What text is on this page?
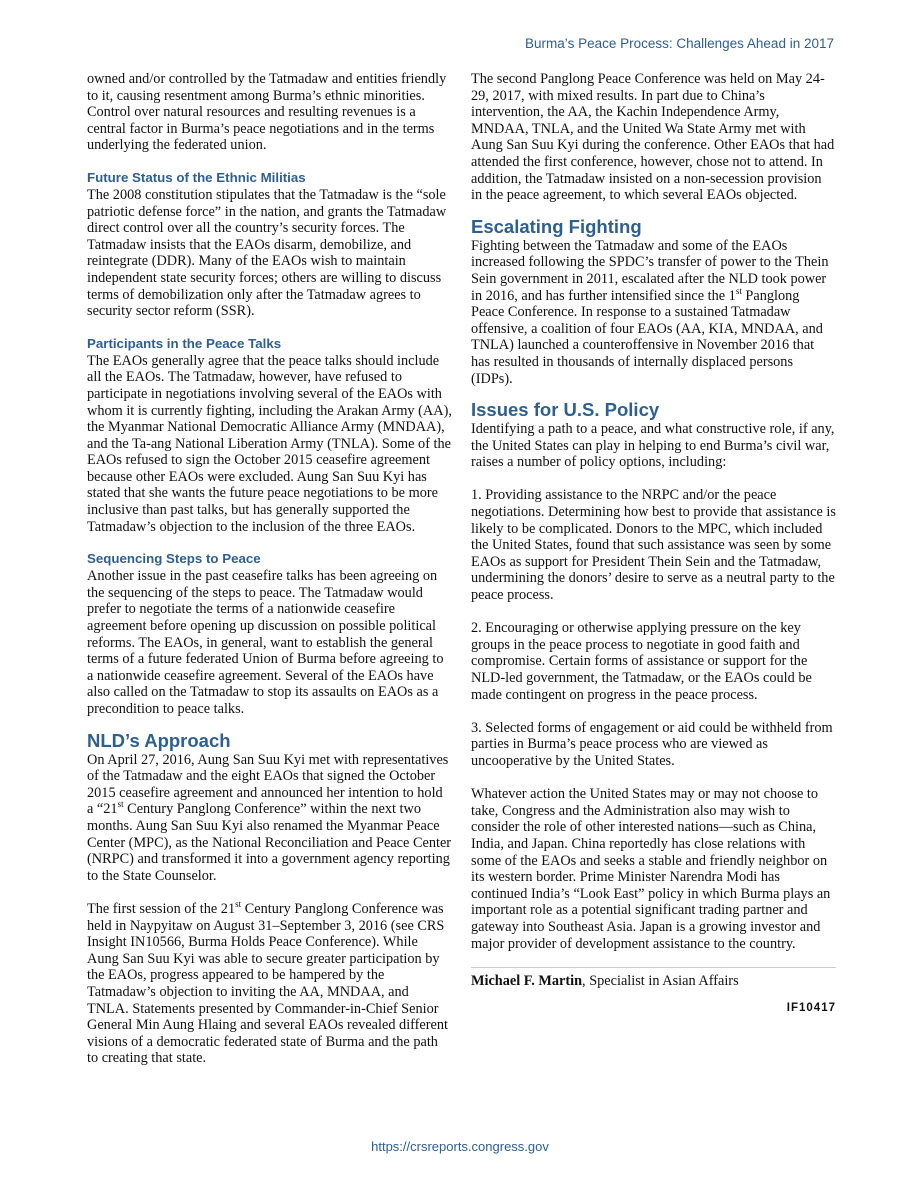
Burma’s Peace Process: Challenges Ahead in 2017

owned and/or controlled by the Tatmadaw and entities friendly to it, causing resentment among Burma’s ethnic minorities. Control over natural resources and resulting revenues is a central factor in Burma’s peace negotiations and in the terms underlying the federated union.

Future Status of the Ethnic Militias

The 2008 constitution stipulates that the Tatmadaw is the “sole patriotic defense force” in the nation, and grants the Tatmadaw direct control over all the country’s security forces. The Tatmadaw insists that the EAOs disarm, demobilize, and reintegrate (DDR). Many of the EAOs wish to maintain independent state security forces; others are willing to discuss terms of demobilization only after the Tatmadaw agrees to security sector reform (SSR).

Participants in the Peace Talks

The EAOs generally agree that the peace talks should include all the EAOs. The Tatmadaw, however, have refused to participate in negotiations involving several of the EAOs with whom it is currently fighting, including the Arakan Army (AA), the Myanmar National Democratic Alliance Army (MNDAA), and the Ta-ang National Liberation Army (TNLA). Some of the EAOs refused to sign the October 2015 ceasefire agreement because other EAOs were excluded. Aung San Suu Kyi has stated that she wants the future peace negotiations to be more inclusive than past talks, but has generally supported the Tatmadaw’s objection to the inclusion of the three EAOs.

Sequencing Steps to Peace

Another issue in the past ceasefire talks has been agreeing on the sequencing of the steps to peace. The Tatmadaw would prefer to negotiate the terms of a nationwide ceasefire agreement before opening up discussion on possible political reforms. The EAOs, in general, want to establish the general terms of a future federated Union of Burma before agreeing to a nationwide ceasefire agreement. Several of the EAOs have also called on the Tatmadaw to stop its assaults on EAOs as a precondition to peace talks.

NLD’s Approach

On April 27, 2016, Aung San Suu Kyi met with representatives of the Tatmadaw and the eight EAOs that signed the October 2015 ceasefire agreement and announced her intention to hold a “21st Century Panglong Conference” within the next two months. Aung San Suu Kyi also renamed the Myanmar Peace Center (MPC), as the National Reconciliation and Peace Center (NRPC) and transformed it into a government agency reporting to the State Counselor.

The first session of the 21st Century Panglong Conference was held in Naypyitaw on August 31–September 3, 2016 (see CRS Insight IN10566, Burma Holds Peace Conference). While Aung San Suu Kyi was able to secure greater participation by the EAOs, progress appeared to be hampered by the Tatmadaw’s objection to inviting the AA, MNDAA, and TNLA. Statements presented by Commander-in-Chief Senior General Min Aung Hlaing and several EAOs revealed different visions of a democratic federated state of Burma and the path to creating that state.

The second Panglong Peace Conference was held on May 24-29, 2017, with mixed results. In part due to China’s intervention, the AA, the Kachin Independence Army, MNDAA, TNLA, and the United Wa State Army met with Aung San Suu Kyi during the conference. Other EAOs that had attended the first conference, however, chose not to attend. In addition, the Tatmadaw insisted on a non-secession provision in the peace agreement, to which several EAOs objected.

Escalating Fighting

Fighting between the Tatmadaw and some of the EAOs increased following the SPDC’s transfer of power to the Thein Sein government in 2011, escalated after the NLD took power in 2016, and has further intensified since the 1st Panglong Peace Conference. In response to a sustained Tatmadaw offensive, a coalition of four EAOs (AA, KIA, MNDAA, and TNLA) launched a counteroffensive in November 2016 that has resulted in thousands of internally displaced persons (IDPs).

Issues for U.S. Policy

Identifying a path to a peace, and what constructive role, if any, the United States can play in helping to end Burma’s civil war, raises a number of policy options, including:

1. Providing assistance to the NRPC and/or the peace negotiations. Determining how best to provide that assistance is likely to be complicated. Donors to the MPC, which included the United States, found that such assistance was seen by some EAOs as support for President Thein Sein and the Tatmadaw, undermining the donors’ desire to serve as a neutral party to the peace process.

2. Encouraging or otherwise applying pressure on the key groups in the peace process to negotiate in good faith and compromise. Certain forms of assistance or support for the NLD-led government, the Tatmadaw, or the EAOs could be made contingent on progress in the peace process.

3. Selected forms of engagement or aid could be withheld from parties in Burma’s peace process who are viewed as uncooperative by the United States.

Whatever action the United States may or may not choose to take, Congress and the Administration also may wish to consider the role of other interested nations—such as China, India, and Japan. China reportedly has close relations with some of the EAOs and seeks a stable and friendly neighbor on its western border. Prime Minister Narendra Modi has continued India’s “Look East” policy in which Burma plays an important role as a potential significant trading partner and gateway into Southeast Asia. Japan is a growing investor and major provider of development assistance to the country.

Michael F. Martin, Specialist in Asian Affairs

IF10417
https://crsreports.congress.gov
